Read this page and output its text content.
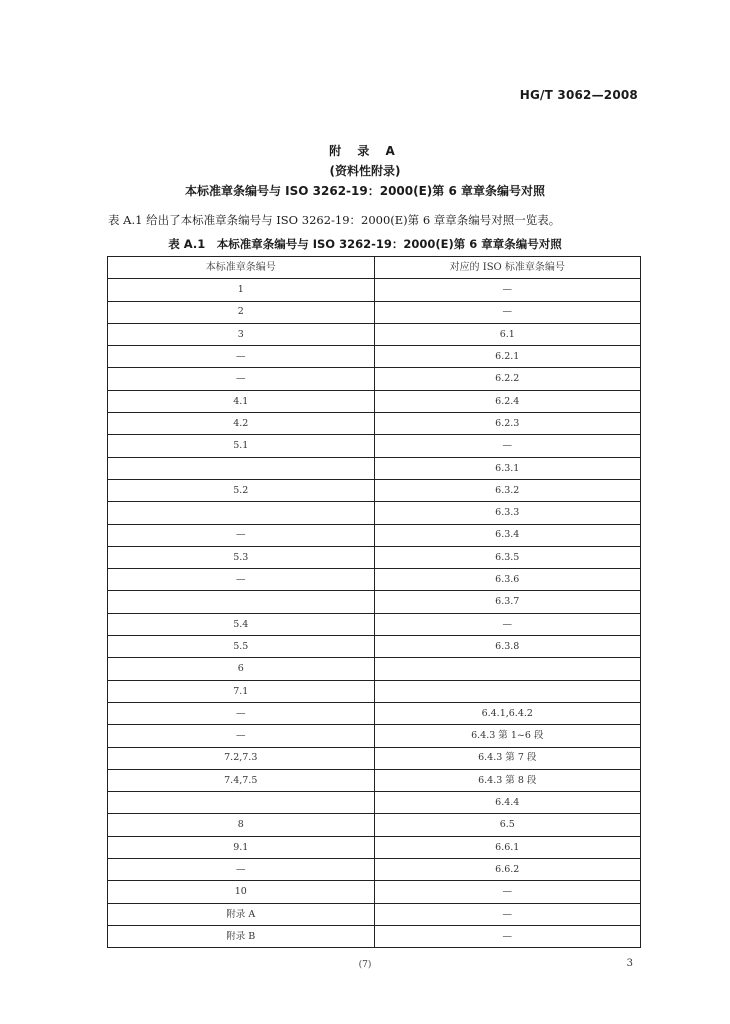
HG/T 3062—2008
附 录 A
(资料性附录)
本标准章条编号与 ISO 3262-19：2000(E)第 6 章章条编号对照
表 A.1 给出了本标准章条编号与 ISO 3262-19：2000(E)第 6 章章条编号对照一览表。
表 A.1　本标准章条编号与 ISO 3262-19：2000(E)第 6 章章条编号对照
本标准章条编号	对应的 ISO 标准章条编号
1	—
2	—
3	6.1
—	6.2.1
—	6.2.2
4.1	6.2.4
4.2	6.2.3
5.1	—
	6.3.1
5.2	6.3.2
	6.3.3
—	6.3.4
5.3	6.3.5
—	6.3.6
	6.3.7
5.4	—
5.5	6.3.8
6	
7.1	
—	6.4.1,6.4.2
—	6.4.3 第 1~6 段
7.2,7.3	6.4.3 第 7 段
7.4,7.5	6.4.3 第 8 段
	6.4.4
8	6.5
9.1	6.6.1
—	6.6.2
10	—
附录 A	—
附录 B	—
(7)	3
